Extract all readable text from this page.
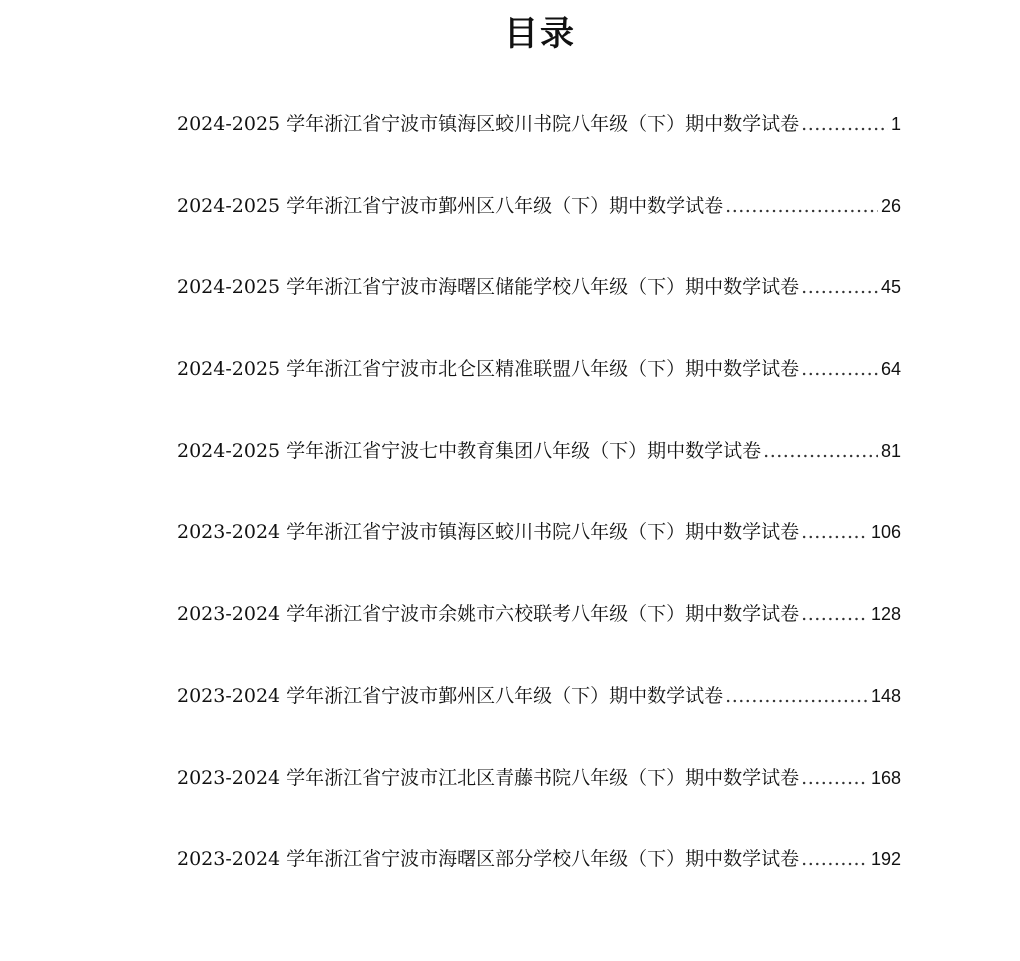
目录
2024-2025 学年浙江省宁波市镇海区蛟川书院八年级（下）期中数学试卷 .....	1
2024-2025 学年浙江省宁波市鄞州区八年级（下）期中数学试卷 .....	26
2024-2025 学年浙江省宁波市海曙区储能学校八年级（下）期中数学试卷 .....	45
2024-2025 学年浙江省宁波市北仑区精准联盟八年级（下）期中数学试卷 .....	64
2024-2025 学年浙江省宁波七中教育集团八年级（下）期中数学试卷 .....	81
2023-2024 学年浙江省宁波市镇海区蛟川书院八年级（下）期中数学试卷 .....	106
2023-2024 学年浙江省宁波市余姚市六校联考八年级（下）期中数学试卷 .....	128
2023-2024 学年浙江省宁波市鄞州区八年级（下）期中数学试卷 .....	148
2023-2024 学年浙江省宁波市江北区青藤书院八年级（下）期中数学试卷 .....	168
2023-2024 学年浙江省宁波市海曙区部分学校八年级（下）期中数学试卷 .....	192
